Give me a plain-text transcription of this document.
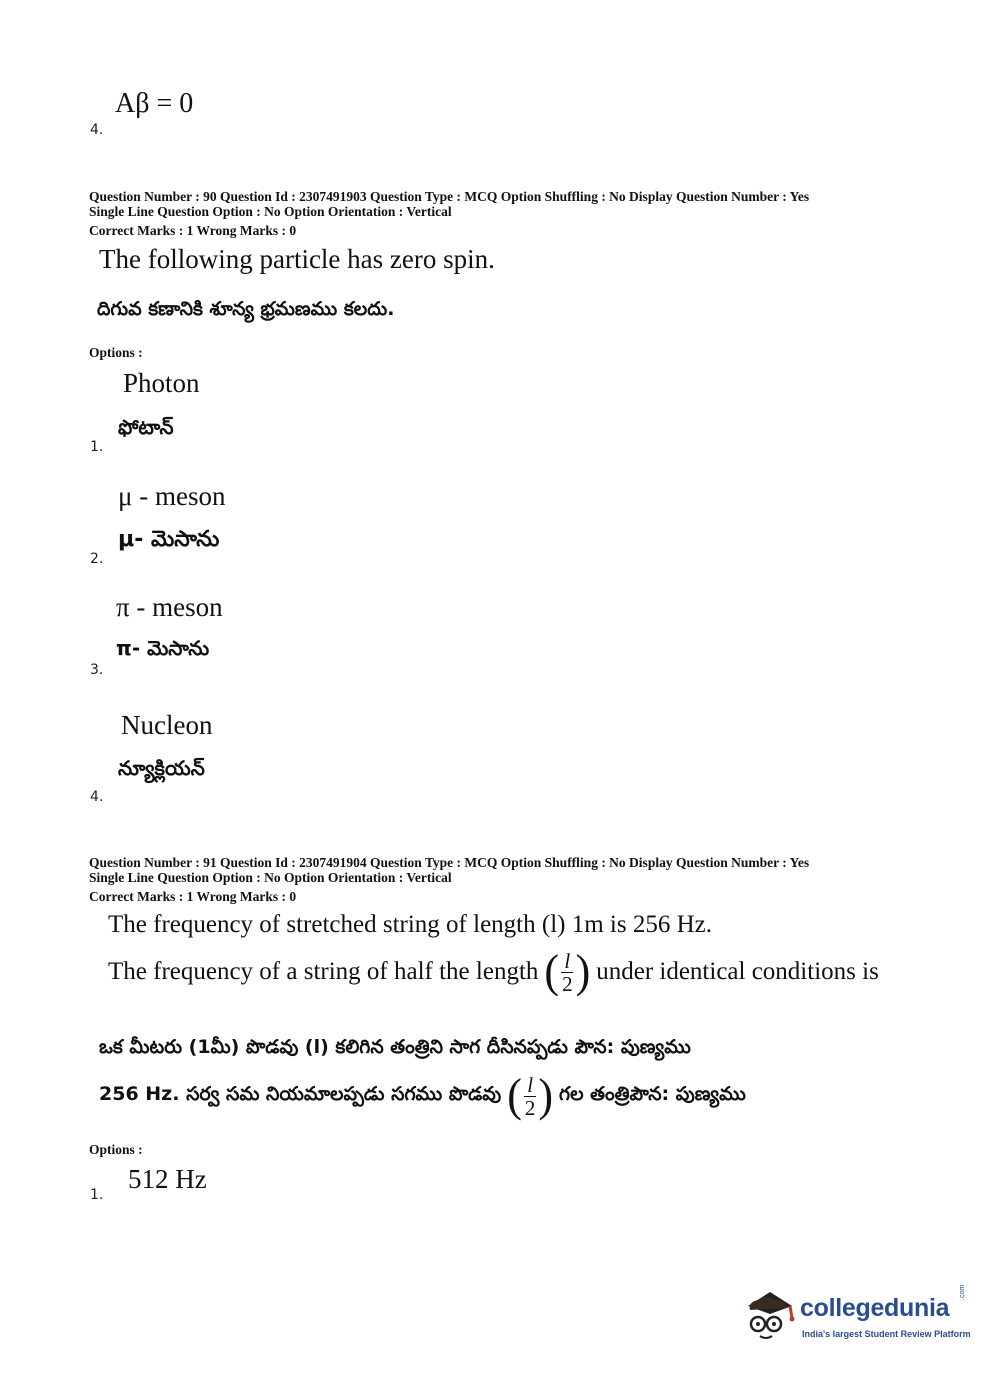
Aβ = 0
4.
Question Number : 90 Question Id : 2307491903 Question Type : MCQ Option Shuffling : No Display Question Number : Yes
Single Line Question Option : No Option Orientation : Vertical
Correct Marks : 1 Wrong Marks : 0
The following particle has zero spin.
దిగువ కణానికి శూన్య భ్రమణము కలదు.
Options :
Photon
ఫోటాన్
1.
μ - meson
μ- మెసాను
2.
π - meson
π- మెసాను
3.
Nucleon
న్యూక్లియన్
4.
Question Number : 91 Question Id : 2307491904 Question Type : MCQ Option Shuffling : No Display Question Number : Yes
Single Line Question Option : No Option Orientation : Vertical
Correct Marks : 1 Wrong Marks : 0
The frequency of stretched string of length (l) 1m is 256 Hz.
The frequency of a string of half the length ( $\frac{l}{2}$ ) under identical conditions is
ఒక మీటరు (1మీ) పొడవు (l) కలిగిన తంత్రిని సాగ దీసినప్పడు పౌన: పుణ్యము
256 Hz. సర్వ సమ నియమాలప్పడు సగము పొడవు ( $\frac{l}{2}$ ) గల తంత్రిపౌన: పుణ్యము
Options :
512 Hz
1.
collegedunia
.com
India's largest Student Review Platform
